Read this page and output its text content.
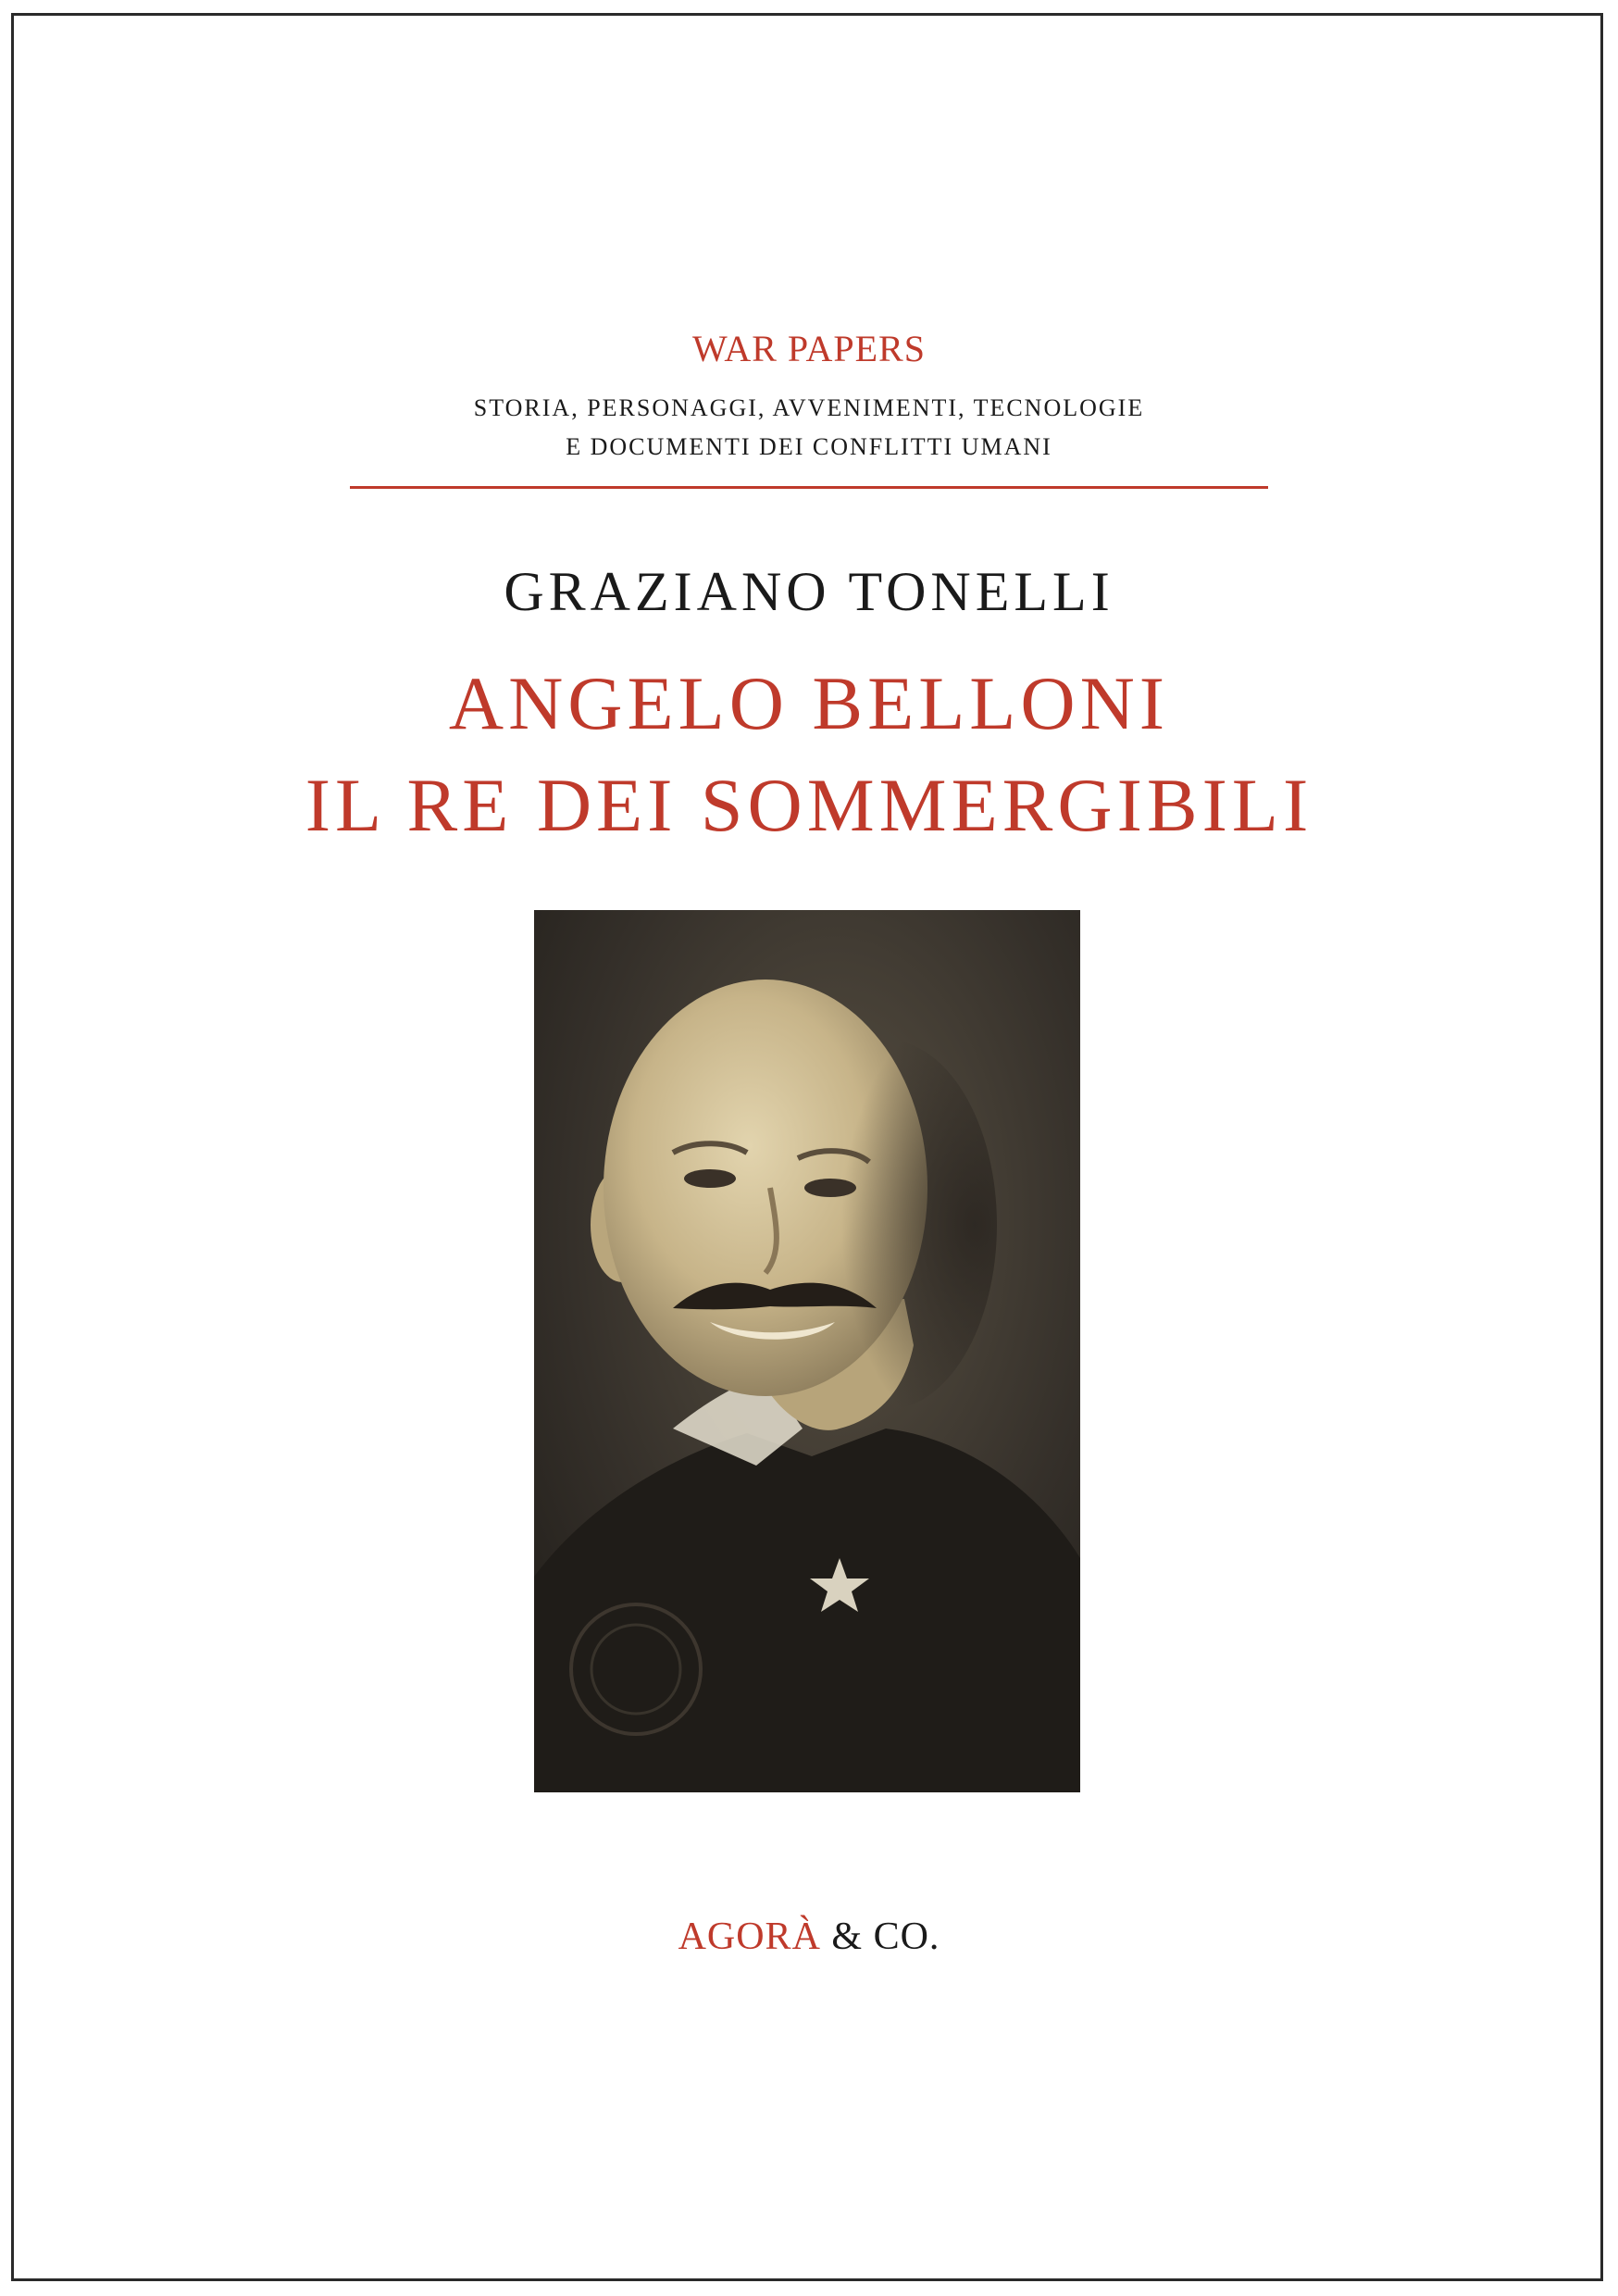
WAR PAPERS
STORIA, PERSONAGGI, AVVENIMENTI, TECNOLOGIE
E DOCUMENTI DEI CONFLITTI UMANI
GRAZIANO TONELLI
ANGELO BELLONI
IL RE DEI SOMMERGIBILI
AGORÀ & CO.
